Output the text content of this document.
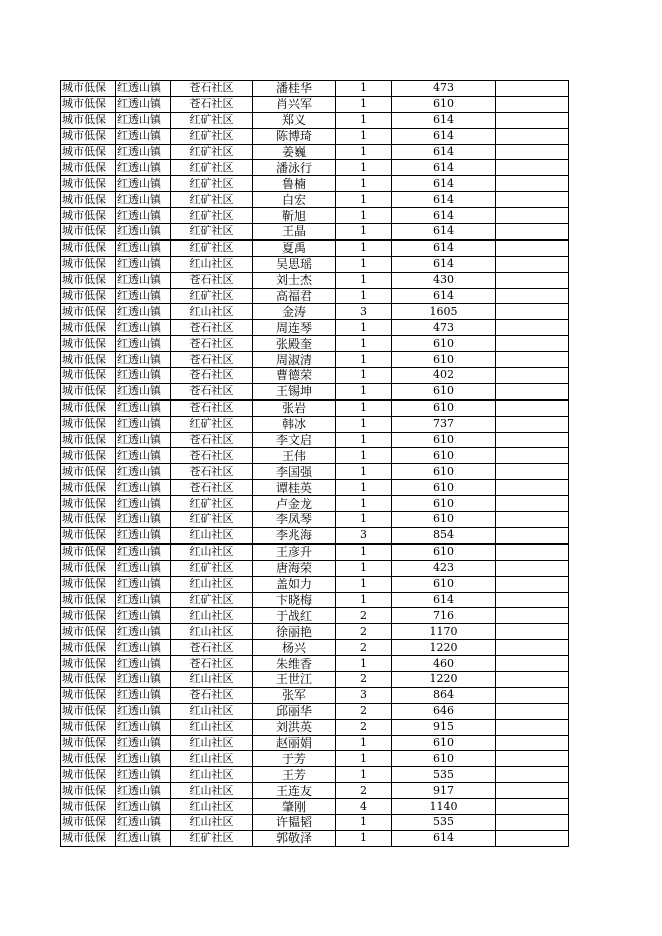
城市低保	红透山镇	苍石社区	潘桂华	1	473	
城市低保	红透山镇	苍石社区	肖兴军	1	610	
城市低保	红透山镇	红矿社区	郑义	1	614	
城市低保	红透山镇	红矿社区	陈博琦	1	614	
城市低保	红透山镇	红矿社区	姜巍	1	614	
城市低保	红透山镇	红矿社区	潘泳行	1	614	
城市低保	红透山镇	红矿社区	鲁楠	1	614	
城市低保	红透山镇	红矿社区	白宏	1	614	
城市低保	红透山镇	红矿社区	靳旭	1	614	
城市低保	红透山镇	红矿社区	王晶	1	614	
城市低保	红透山镇	红矿社区	夏禹	1	614	
城市低保	红透山镇	红山社区	吴思瑶	1	614	
城市低保	红透山镇	苍石社区	刘士杰	1	430	
城市低保	红透山镇	红矿社区	高福君	1	614	
城市低保	红透山镇	红山社区	金涛	3	1605	
城市低保	红透山镇	苍石社区	周连琴	1	473	
城市低保	红透山镇	苍石社区	张殿奎	1	610	
城市低保	红透山镇	苍石社区	周淑清	1	610	
城市低保	红透山镇	苍石社区	曹德荣	1	402	
城市低保	红透山镇	苍石社区	王锡坤	1	610	
城市低保	红透山镇	苍石社区	张岩	1	610	
城市低保	红透山镇	红矿社区	韩冰	1	737	
城市低保	红透山镇	苍石社区	李文启	1	610	
城市低保	红透山镇	苍石社区	王伟	1	610	
城市低保	红透山镇	苍石社区	李国强	1	610	
城市低保	红透山镇	苍石社区	谭桂英	1	610	
城市低保	红透山镇	红矿社区	卢金龙	1	610	
城市低保	红透山镇	红矿社区	李凤琴	1	610	
城市低保	红透山镇	红山社区	李兆海	3	854	
城市低保	红透山镇	红山社区	王彦升	1	610	
城市低保	红透山镇	红矿社区	唐海荣	1	423	
城市低保	红透山镇	红山社区	盖如力	1	610	
城市低保	红透山镇	红矿社区	卞晓梅	1	614	
城市低保	红透山镇	红山社区	于战红	2	716	
城市低保	红透山镇	红山社区	徐丽艳	2	1170	
城市低保	红透山镇	苍石社区	杨兴	2	1220	
城市低保	红透山镇	苍石社区	朱维香	1	460	
城市低保	红透山镇	红山社区	王世江	2	1220	
城市低保	红透山镇	苍石社区	张军	3	864	
城市低保	红透山镇	红山社区	邱丽华	2	646	
城市低保	红透山镇	红山社区	刘洪英	2	915	
城市低保	红透山镇	红山社区	赵丽娟	1	610	
城市低保	红透山镇	红山社区	于芳	1	610	
城市低保	红透山镇	红山社区	王芳	1	535	
城市低保	红透山镇	红山社区	王连友	2	917	
城市低保	红透山镇	红山社区	肇刚	4	1140	
城市低保	红透山镇	红山社区	许韫韬	1	535	
城市低保	红透山镇	红矿社区	郭敬泽	1	614	
